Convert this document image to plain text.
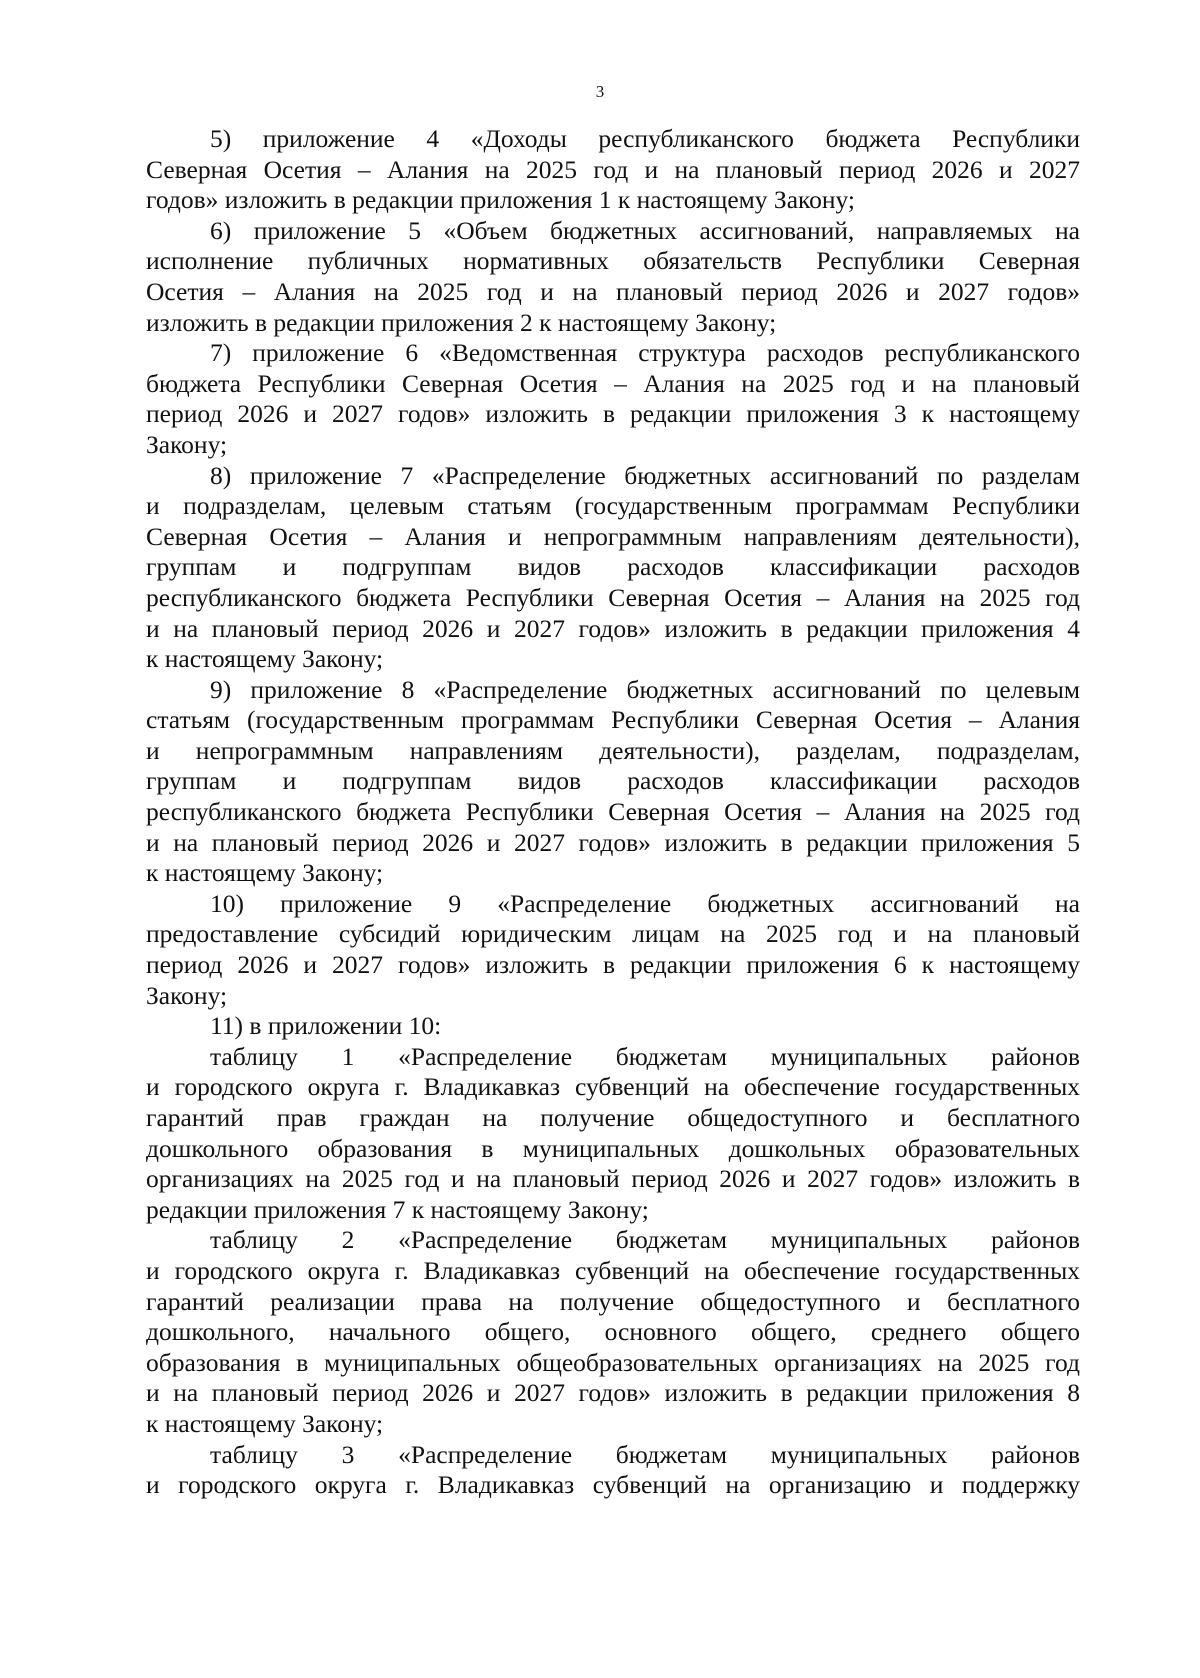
3

5) приложение 4 «Доходы республиканского бюджета Республики
Северная Осетия – Алания на 2025 год и на плановый период 2026 и 2027
годов» изложить в редакции приложения 1 к настоящему Закону;

6) приложение 5 «Объем бюджетных ассигнований, направляемых на
исполнение публичных нормативных обязательств Республики Северная
Осетия – Алания на 2025 год и на плановый период 2026 и 2027 годов»
изложить в редакции приложения 2 к настоящему Закону;

7) приложение 6 «Ведомственная структура расходов республиканского
бюджета Республики Северная Осетия – Алания на 2025 год и на плановый
период 2026 и 2027 годов» изложить в редакции приложения 3 к настоящему
Закону;

8) приложение 7 «Распределение бюджетных ассигнований по разделам
и подразделам, целевым статьям (государственным программам Республики
Северная Осетия – Алания и непрограммным направлениям деятельности),
группам и подгруппам видов расходов классификации расходов
республиканского бюджета Республики Северная Осетия – Алания на 2025 год
и на плановый период 2026 и 2027 годов» изложить в редакции приложения 4
к настоящему Закону;

9) приложение 8 «Распределение бюджетных ассигнований по целевым
статьям (государственным программам Республики Северная Осетия – Алания
и непрограммным направлениям деятельности), разделам, подразделам,
группам и подгруппам видов расходов классификации расходов
республиканского бюджета Республики Северная Осетия – Алания на 2025 год
и на плановый период 2026 и 2027 годов» изложить в редакции приложения 5
к настоящему Закону;

10) приложение 9 «Распределение бюджетных ассигнований на
предоставление субсидий юридическим лицам на 2025 год и на плановый
период 2026 и 2027 годов» изложить в редакции приложения 6 к настоящему
Закону;

11) в приложении 10:

таблицу 1 «Распределение бюджетам муниципальных районов
и городского округа г. Владикавказ субвенций на обеспечение государственных
гарантий прав граждан на получение общедоступного и бесплатного
дошкольного образования в муниципальных дошкольных образовательных
организациях на 2025 год и на плановый период 2026 и 2027 годов» изложить в
редакции приложения 7 к настоящему Закону;

таблицу 2 «Распределение бюджетам муниципальных районов
и городского округа г. Владикавказ субвенций на обеспечение государственных
гарантий реализации права на получение общедоступного и бесплатного
дошкольного, начального общего, основного общего, среднего общего
образования в муниципальных общеобразовательных организациях на 2025 год
и на плановый период 2026 и 2027 годов» изложить в редакции приложения 8
к настоящему Закону;

таблицу 3 «Распределение бюджетам муниципальных районов
и городского округа г. Владикавказ субвенций на организацию и поддержку
